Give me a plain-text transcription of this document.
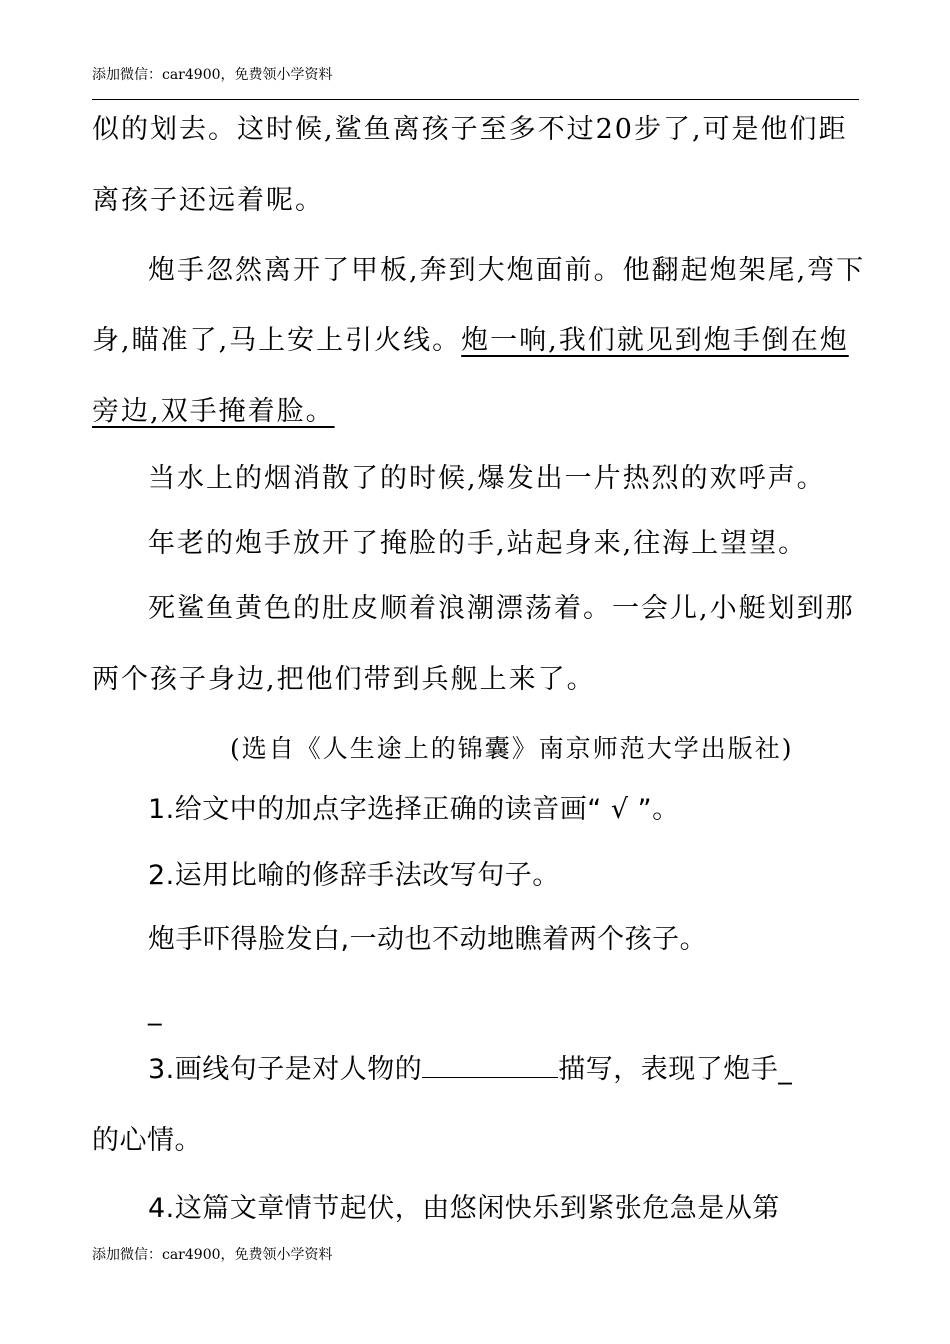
添加微信：car4900，免费领小学资料
似的划去。这时候,鲨鱼离孩子至多不过20步了,可是他们距
离孩子还远着呢。
炮手忽然离开了甲板,奔到大炮面前。他翻起炮架尾,弯下
身,瞄准了,马上安上引火线。炮一响,我们就见到炮手倒在炮
旁边,双手掩着脸。
当水上的烟消散了的时候,爆发出一片热烈的欢呼声。
年老的炮手放开了掩脸的手,站起身来,往海上望望。
死鲨鱼黄色的肚皮顺着浪潮漂荡着。一会儿,小艇划到那
两个孩子身边,把他们带到兵舰上来了。
(选自《人生途上的锦囊》南京师范大学出版社)
1.给文中的加点字选择正确的读音画“ √ ”。
2.运用比喻的修辞手法改写句子。
炮手吓得脸发白,一动也不动地瞧着两个孩子。
_
3.画线句子是对人物的	描写，表现了炮手_
的心情。
4.这篇文章情节起伏，由悠闲快乐到紧张危急是从第
添加微信：car4900，免费领小学资料
